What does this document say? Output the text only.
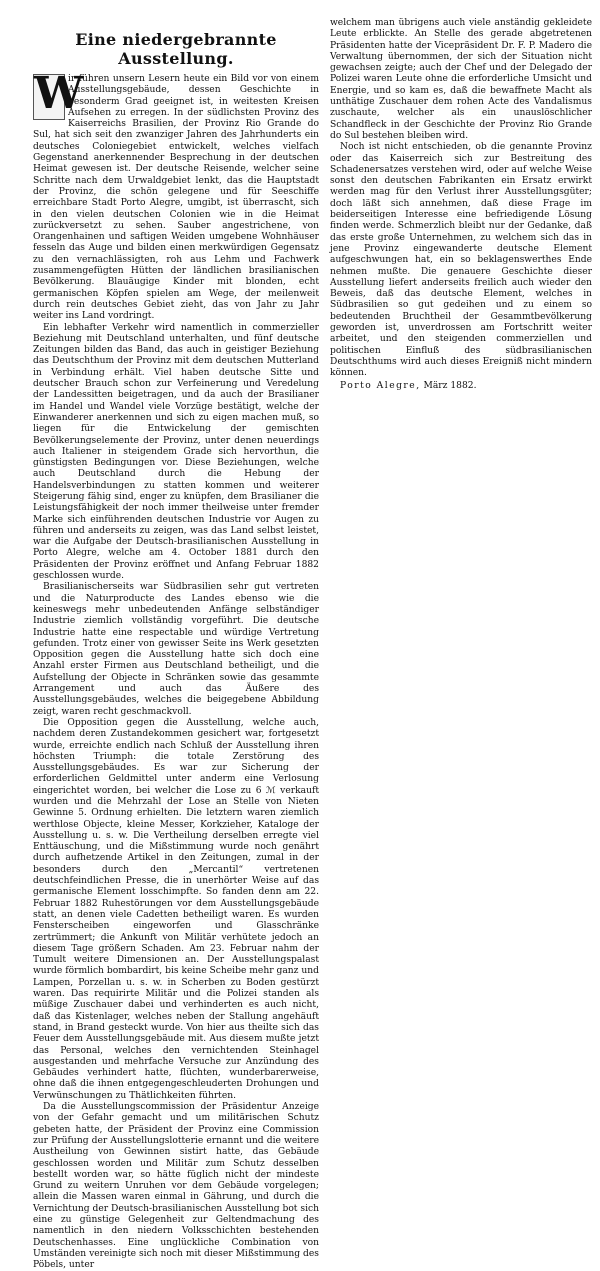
Eine niedergebrannte Ausstellung.

W
ir führen unsern Lesern heute ein Bild vor von einem Ausstellungsgebäude, dessen Geschichte in besonderm Grad geeignet ist, in weitesten Kreisen Aufsehen zu erregen. In der südlichsten Provinz des Kaiserreichs Brasilien, der Provinz Rio Grande do Sul, hat sich seit den zwanziger Jahren des Jahrhunderts ein deutsches Coloniegebiet entwickelt, welches vielfach Gegenstand anerkennender Besprechung in der deutschen Heimat gewesen ist. Der deutsche Reisende, welcher seine Schritte nach dem Urwaldgebiet lenkt, das die Hauptstadt der Provinz, die schön gelegene und für Seeschiffe erreichbare Stadt Porto Alegre, umgibt, ist überrascht, sich in den vielen deutschen Colonien wie in die Heimat zurückversetzt zu sehen. Sauber angestrichene, von Orangenhainen und saftigen Weiden umgebene Wohnhäuser fesseln das Auge und bilden einen merkwürdigen Gegensatz zu den vernachlässigten, roh aus Lehm und Fachwerk zusammengefügten Hütten der ländlichen brasilianischen Bevölkerung. Blauäugige Kinder mit blonden, echt germanischen Köpfen spielen am Wege, der meilenweit durch rein deutsches Gebiet zieht, das von Jahr zu Jahr weiter ins Land vordringt.

Ein lebhafter Verkehr wird namentlich in commerzieller Beziehung mit Deutschland unterhalten, und fünf deutsche Zeitungen bilden das Band, das auch in geistiger Beziehung das Deutschthum der Provinz mit dem deutschen Mutterland in Verbindung erhält. Viel haben deutsche Sitte und deutscher Brauch schon zur Verfeinerung und Veredelung der Landessitten beigetragen, und da auch der Brasilianer im Handel und Wandel viele Vorzüge bestätigt, welche der Einwanderer anerkennen und sich zu eigen machen muß, so liegen für die Entwickelung der gemischten Bevölkerungselemente der Provinz, unter denen neuerdings auch Italiener in steigendem Grade sich hervorthun, die günstigsten Bedingungen vor. Diese Beziehungen, welche auch Deutschland durch die Hebung der Handelsverbindungen zu statten kommen und weiterer Steigerung fähig sind, enger zu knüpfen, dem Brasilianer die Leistungsfähigkeit der noch immer theilweise unter fremder Marke sich einführenden deutschen Industrie vor Augen zu führen und anderseits zu zeigen, was das Land selbst leistet, war die Aufgabe der Deutsch-brasilianischen Ausstellung in Porto Alegre, welche am 4. October 1881 durch den Präsidenten der Provinz eröffnet und Anfang Februar 1882 geschlossen wurde.

Brasilianischerseits war Südbrasilien sehr gut vertreten und die Naturproducte des Landes ebenso wie die keineswegs mehr unbedeutenden Anfänge selbständiger Industrie ziemlich vollständig vorgeführt. Die deutsche Industrie hatte eine respectable und würdige Vertretung gefunden. Trotz einer von gewisser Seite ins Werk gesetzten Opposition gegen die Ausstellung hatte sich doch eine Anzahl erster Firmen aus Deutschland betheiligt, und die Aufstellung der Objecte in Schränken sowie das gesammte Arrangement und auch das Äußere des Ausstellungsgebäudes, welches die beigegebene Abbildung zeigt, waren recht geschmackvoll.

Die Opposition gegen die Ausstellung, welche auch, nachdem deren Zustandekommen gesichert war, fortgesetzt wurde, erreichte endlich nach Schluß der Ausstellung ihren höchsten Triumph: die totale Zerstörung des Ausstellungsgebäudes. Es war zur Sicherung der erforderlichen Geldmittel unter anderm eine Verlosung eingerichtet worden, bei welcher die Lose zu 6 ℳ verkauft wurden und die Mehrzahl der Lose an Stelle von Nieten Gewinne 5. Ordnung erhielten. Die letztern waren ziemlich werthlose Objecte, kleine Messer, Korkzieher, Kataloge der Ausstellung u. s. w. Die Vertheilung derselben erregte viel Enttäuschung, und die Mißstimmung wurde noch genährt durch aufhetzende Artikel in den Zeitungen, zumal in der besonders durch den „Mercantil“ vertretenen deutschfeindlichen Presse, die in unerhörter Weise auf das germanische Element losschimpfte. So fanden denn am 22. Februar 1882 Ruhestörungen vor dem Ausstellungsgebäude statt, an denen viele Cadetten betheiligt waren. Es wurden Fensterscheiben eingeworfen und Glasschränke zertrümmert; die Ankunft von Militär verhütete jedoch an diesem Tage größern Schaden. Am 23. Februar nahm der Tumult weitere Dimensionen an. Der Ausstellungspalast wurde förmlich bombardirt, bis keine Scheibe mehr ganz und Lampen, Porzellan u. s. w. in Scherben zu Boden gestürzt waren. Das requirirte Militär und die Polizei standen als müßige Zuschauer dabei und verhinderten es auch nicht, daß das Kistenlager, welches neben der Stallung angehäuft stand, in Brand gesteckt wurde. Von hier aus theilte sich das Feuer dem Ausstellungsgebäude mit. Aus diesem mußte jetzt das Personal, welches den vernichtenden Steinhagel ausgestanden und mehrfache Versuche zur Anzündung des Gebäudes verhindert hatte, flüchten, wunderbarerweise, ohne daß die ihnen entgegengeschleuderten Drohungen und Verwünschungen zu Thätlichkeiten führten.

Da die Ausstellungscommission der Präsidentur Anzeige von der Gefahr gemacht und um militärischen Schutz gebeten hatte, der Präsident der Provinz eine Commission zur Prüfung der Ausstellungslotterie ernannt und die weitere Austheilung von Gewinnen sistirt hatte, das Gebäude geschlossen worden und Militär zum Schutz desselben bestellt worden war, so hätte füglich nicht der mindeste Grund zu weitern Unruhen vor dem Gebäude vorgelegen; allein die Massen waren einmal in Gährung, und durch die Vernichtung der Deutsch-brasilianischen Ausstellung bot sich eine zu günstige Gelegenheit zur Geltendmachung des namentlich in den niedern Volksschichten bestehenden Deutschenhasses. Eine unglückliche Combination von Umständen vereinigte sich noch mit dieser Mißstimmung des Pöbels, unter

welchem man übrigens auch viele anständig gekleidete Leute erblickte. An Stelle des gerade abgetretenen Präsidenten hatte der Vicepräsident Dr. F. P. Madero die Verwaltung übernommen, der sich der Situation nicht gewachsen zeigte; auch der Chef und der Delegado der Polizei waren Leute ohne die erforderliche Umsicht und Energie, und so kam es, daß die bewaffnete Macht als unthätige Zuschauer dem rohen Acte des Vandalismus zuschaute, welcher als ein unauslöschlicher Schandfleck in der Geschichte der Provinz Rio Grande do Sul bestehen bleiben wird.

Noch ist nicht entschieden, ob die genannte Provinz oder das Kaiserreich sich zur Bestreitung des Schadenersatzes verstehen wird, oder auf welche Weise sonst den deutschen Fabrikanten ein Ersatz erwirkt werden mag für den Verlust ihrer Ausstellungsgüter; doch läßt sich annehmen, daß diese Frage im beiderseitigen Interesse eine befriedigende Lösung finden werde. Schmerzlich bleibt nur der Gedanke, daß das erste große Unternehmen, zu welchem sich das in jene Provinz eingewanderte deutsche Element aufgeschwungen hat, ein so beklagenswerthes Ende nehmen mußte. Die genauere Geschichte dieser Ausstellung liefert anderseits freilich auch wieder den Beweis, daß das deutsche Element, welches in Südbrasilien so gut gedeihen und zu einem so bedeutenden Bruchtheil der Gesammtbevölkerung geworden ist, unverdrossen am Fortschritt weiter arbeitet, und den steigenden commerziellen und politischen Einfluß des südbrasilianischen Deutschthums wird auch dieses Ereigniß nicht mindern können.

Porto Alegre, März 1882.
